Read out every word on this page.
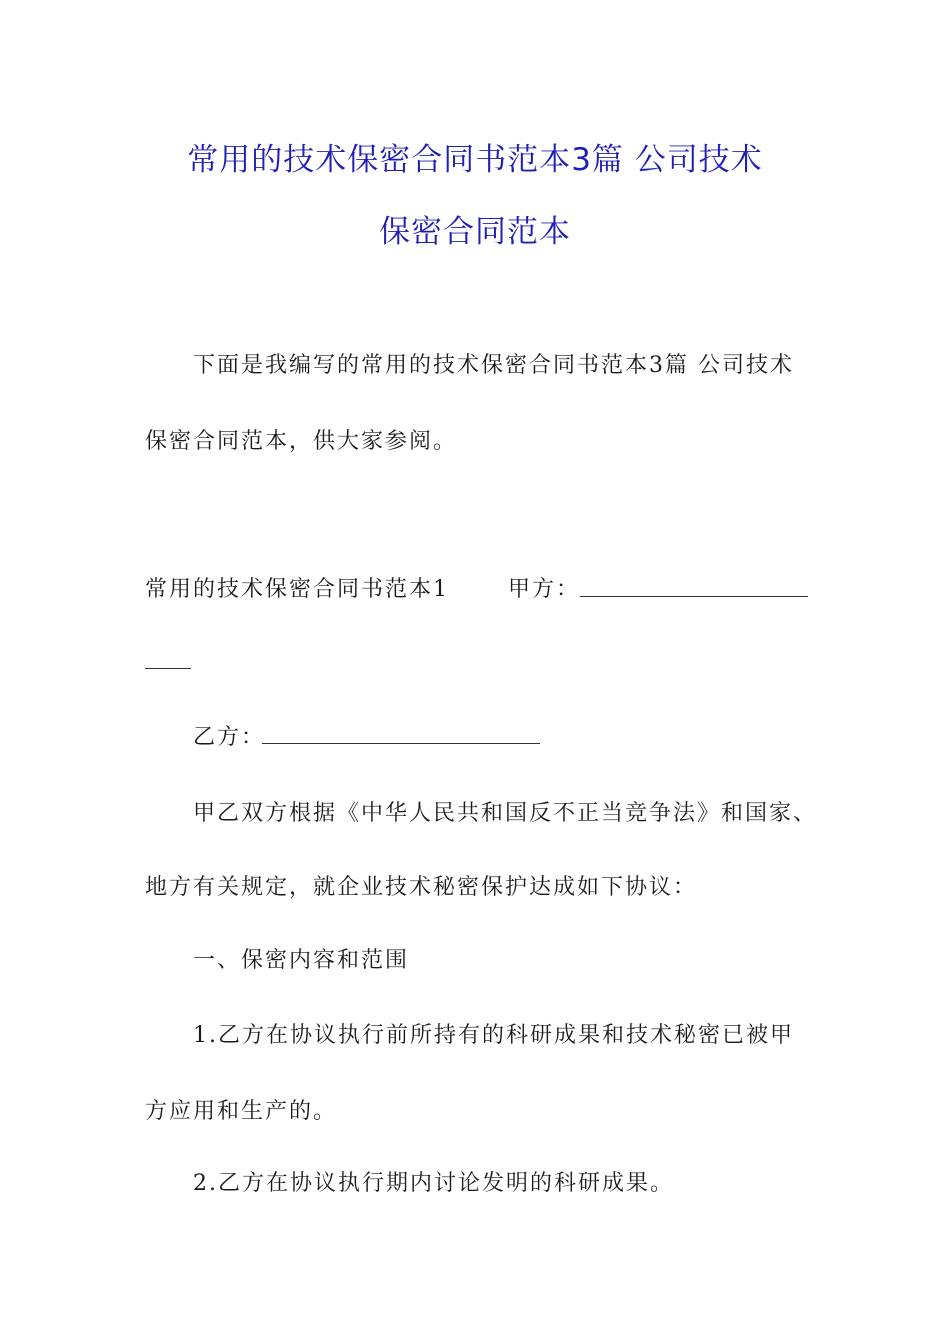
常用的技术保密合同书范本3篇 公司技术
保密合同范本
下面是我编写的常用的技术保密合同书范本3篇 公司技术
保密合同范本，供大家参阅。
常用的技术保密合同书范本1	甲方：
乙方：
甲乙双方根据《中华人民共和国反不正当竞争法》和国家、
地方有关规定，就企业技术秘密保护达成如下协议：
一、保密内容和范围
1.乙方在协议执行前所持有的科研成果和技术秘密已被甲
方应用和生产的。
2.乙方在协议执行期内讨论发明的科研成果。
